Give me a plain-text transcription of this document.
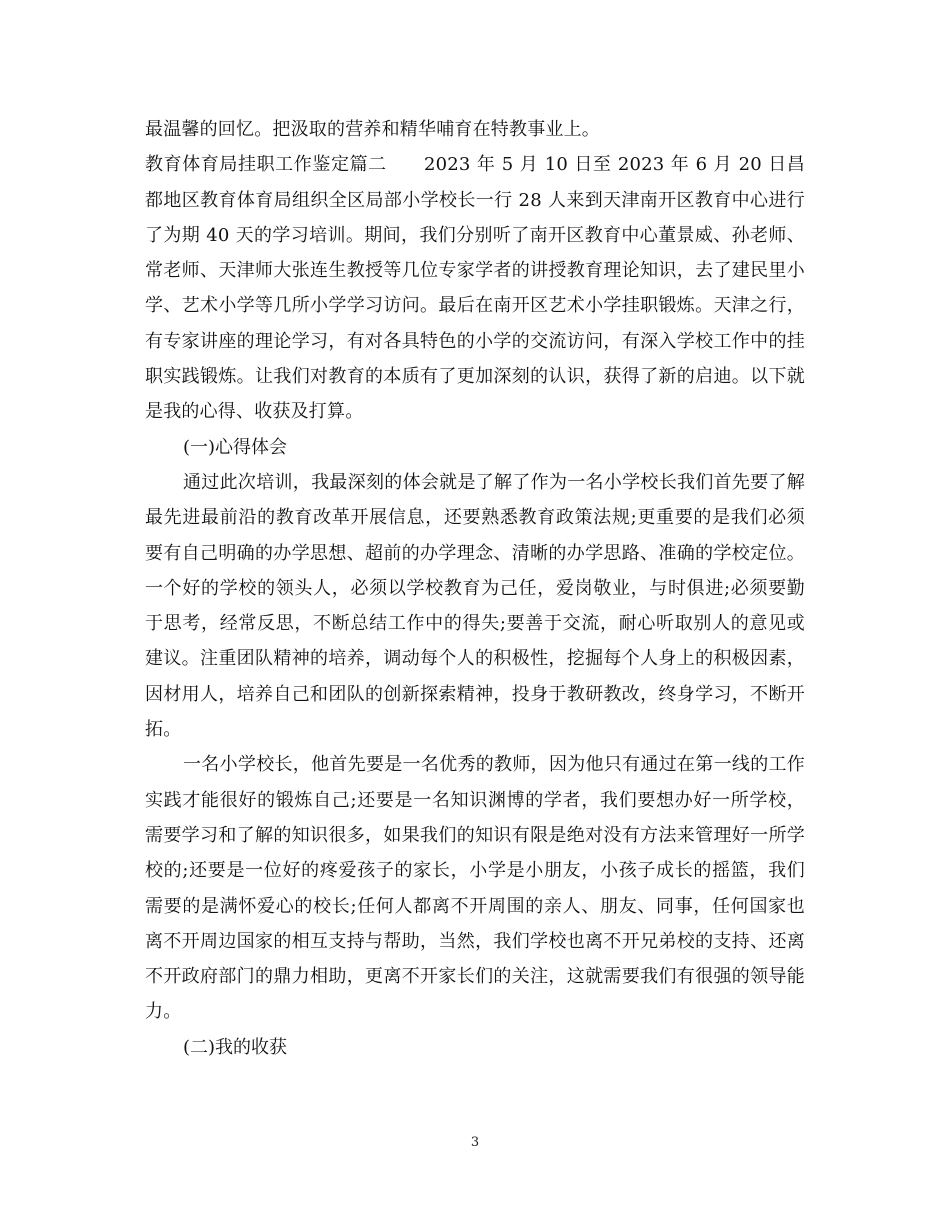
最温馨的回忆。把汲取的营养和精华哺育在特教事业上。

教育体育局挂职工作鉴定篇二　　2023 年 5 月 10 日至 2023 年 6 月 20 日昌都地区教育体育局组织全区局部小学校长一行 28 人来到天津南开区教育中心进行了为期 40 天的学习培训。期间，我们分别听了南开区教育中心董景威、孙老师、常老师、天津师大张连生教授等几位专家学者的讲授教育理论知识，去了建民里小学、艺术小学等几所小学学习访问。最后在南开区艺术小学挂职锻炼。天津之行，有专家讲座的理论学习，有对各具特色的小学的交流访问，有深入学校工作中的挂职实践锻炼。让我们对教育的本质有了更加深刻的认识，获得了新的启迪。以下就是我的心得、收获及打算。

(一)心得体会

通过此次培训，我最深刻的体会就是了解了作为一名小学校长我们首先要了解最先进最前沿的教育改革开展信息，还要熟悉教育政策法规;更重要的是我们必须要有自己明确的办学思想、超前的办学理念、清晰的办学思路、准确的学校定位。一个好的学校的领头人，必须以学校教育为己任，爱岗敬业，与时俱进;必须要勤于思考，经常反思，不断总结工作中的得失;要善于交流，耐心听取别人的意见或建议。注重团队精神的培养，调动每个人的积极性，挖掘每个人身上的积极因素，因材用人，培养自己和团队的创新探索精神，投身于教研教改，终身学习，不断开拓。

一名小学校长，他首先要是一名优秀的教师，因为他只有通过在第一线的工作实践才能很好的锻炼自己;还要是一名知识渊博的学者，我们要想办好一所学校，需要学习和了解的知识很多，如果我们的知识有限是绝对没有方法来管理好一所学校的;还要是一位好的疼爱孩子的家长，小学是小朋友，小孩子成长的摇篮，我们需要的是满怀爱心的校长;任何人都离不开周围的亲人、朋友、同事，任何国家也离不开周边国家的相互支持与帮助，当然，我们学校也离不开兄弟校的支持、还离不开政府部门的鼎力相助，更离不开家长们的关注，这就需要我们有很强的领导能力。

(二)我的收获

3
